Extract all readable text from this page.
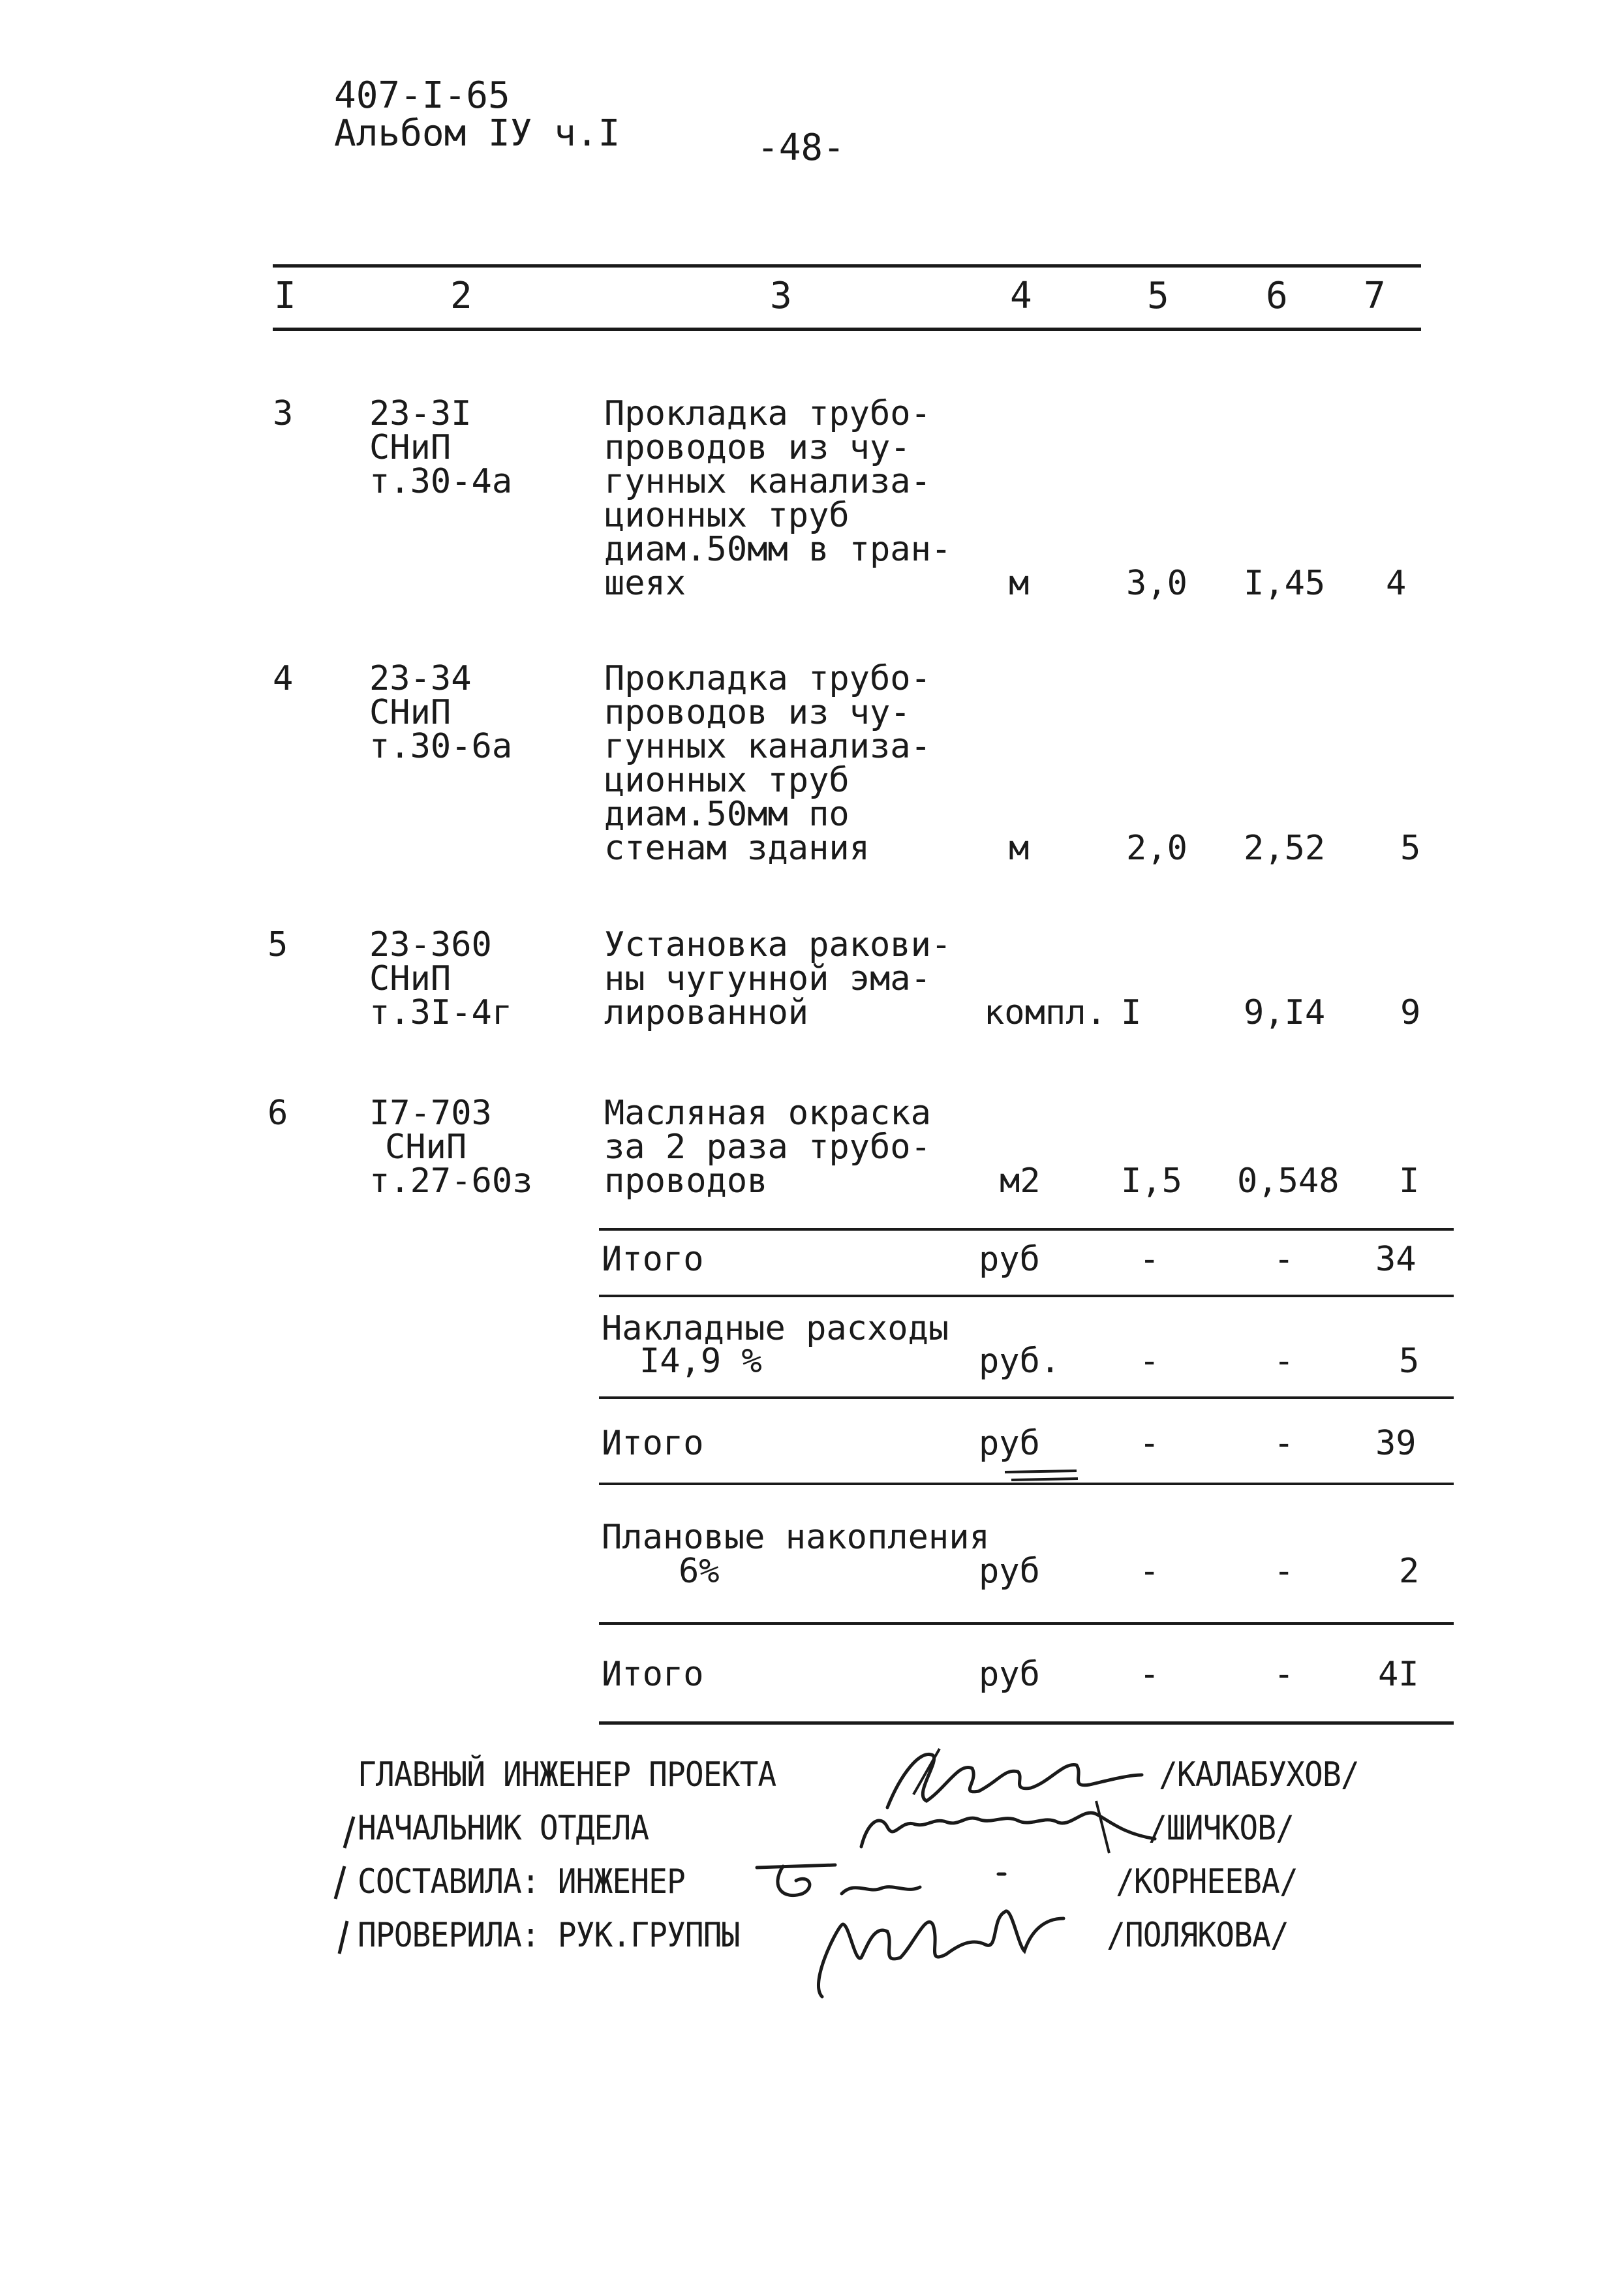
407-I-65
Альбом IУ ч.I	-48-
I	2	3	4	5	6 7
3 23-3I
СНиП
т.30-4а
Прокладка трубо-
проводов из чу-
гунных канализа-
ционных труб
диам.50мм в тран-
шеях	м	3,0 I,45 4
4 23-34
СНиП
т.30-6а
Прокладка трубо-
проводов из чу-
гунных канализа-
ционных труб
диам.50мм по
стенам здания	м	2,0 2,52 5
5 23-360
СНиП
т.3I-4г
Установка ракови-
ны чугунной эма-
лированной	компл. I	9,I4 9
6 I7-703
СНиП
т.27-60з
Масляная окраска
за 2 раза трубо-
проводов	м2 I,5 0,548 I
Итого	руб	-	- 34
Накладные расходы
I4,9 %	руб. -	-	5
Итого	руб	-	- 39
Плановые накопления
6%	руб	-	-	2
Итого	руб	-	- 4I
ГЛАВНЫЙ ИНЖЕНЕР ПРОЕКТА	/КАЛАБУХОВ/
НАЧАЛЬНИК ОТДЕЛА	/ШИЧКОВ/
СОСТАВИЛА: ИНЖЕНЕР	/КОРНЕЕВА/
ПРОВЕРИЛА: РУК.ГРУППЫ	/ПОЛЯКОВА/
